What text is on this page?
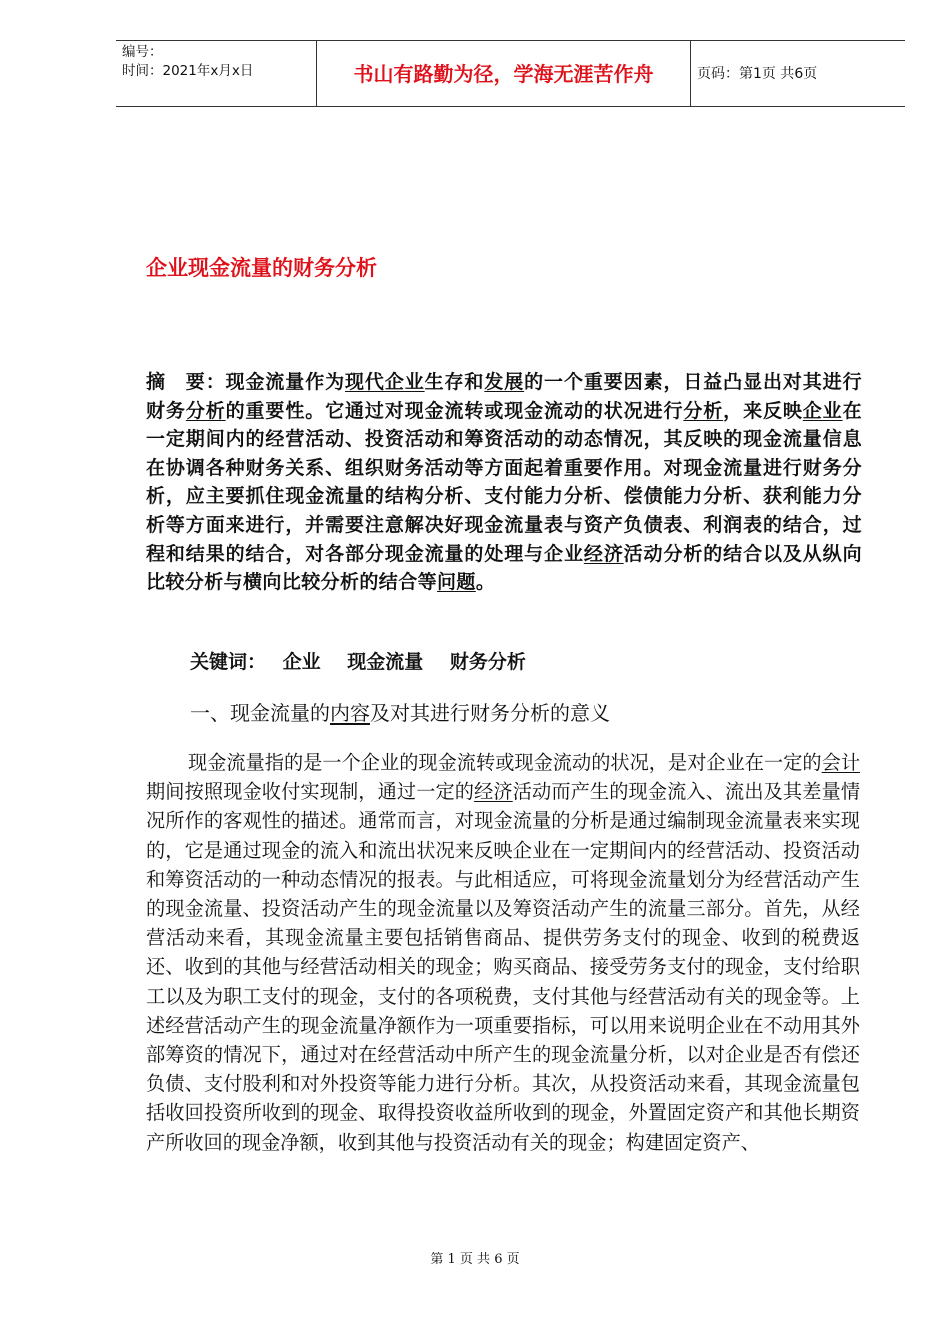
编号：
时间：2021年x月x日	书山有路勤为径，学海无涯苦作舟	页码：第1页 共6页
企业现金流量的财务分析
摘　要：现金流量作为现代企业生存和发展的一个重要因素，日益凸显出对其进行财务分析的重要性。它通过对现金流转或现金流动的状况进行分析，来反映企业在一定期间内的经营活动、投资活动和筹资活动的动态情况，其反映的现金流量信息在协调各种财务关系、组织财务活动等方面起着重要作用。对现金流量进行财务分析，应主要抓住现金流量的结构分析、支付能力分析、偿债能力分析、获利能力分析等方面来进行，并需要注意解决好现金流量表与资产负债表、利润表的结合，过程和结果的结合，对各部分现金流量的处理与企业经济活动分析的结合以及从纵向比较分析与横向比较分析的结合等问题。
关键词： 企业 现金流量 财务分析
一、现金流量的内容及对其进行财务分析的意义
现金流量指的是一个企业的现金流转或现金流动的状况，是对企业在一定的会计期间按照现金收付实现制，通过一定的经济活动而产生的现金流入、流出及其差量情况所作的客观性的描述。通常而言，对现金流量的分析是通过编制现金流量表来实现的，它是通过现金的流入和流出状况来反映企业在一定期间内的经营活动、投资活动和筹资活动的一种动态情况的报表。与此相适应，可将现金流量划分为经营活动产生的现金流量、投资活动产生的现金流量以及筹资活动产生的流量三部分。首先，从经营活动来看，其现金流量主要包括销售商品、提供劳务支付的现金、收到的税费返还、收到的其他与经营活动相关的现金；购买商品、接受劳务支付的现金，支付给职工以及为职工支付的现金，支付的各项税费，支付其他与经营活动有关的现金等。上述经营活动产生的现金流量净额作为一项重要指标，可以用来说明企业在不动用其外部筹资的情况下，通过对在经营活动中所产生的现金流量分析，以对企业是否有偿还负债、支付股利和对外投资等能力进行分析。其次，从投资活动来看，其现金流量包括收回投资所收到的现金、取得投资收益所收到的现金，外置固定资产和其他长期资产所收回的现金净额，收到其他与投资活动有关的现金；构建固定资产、
第 1 页 共 6 页
